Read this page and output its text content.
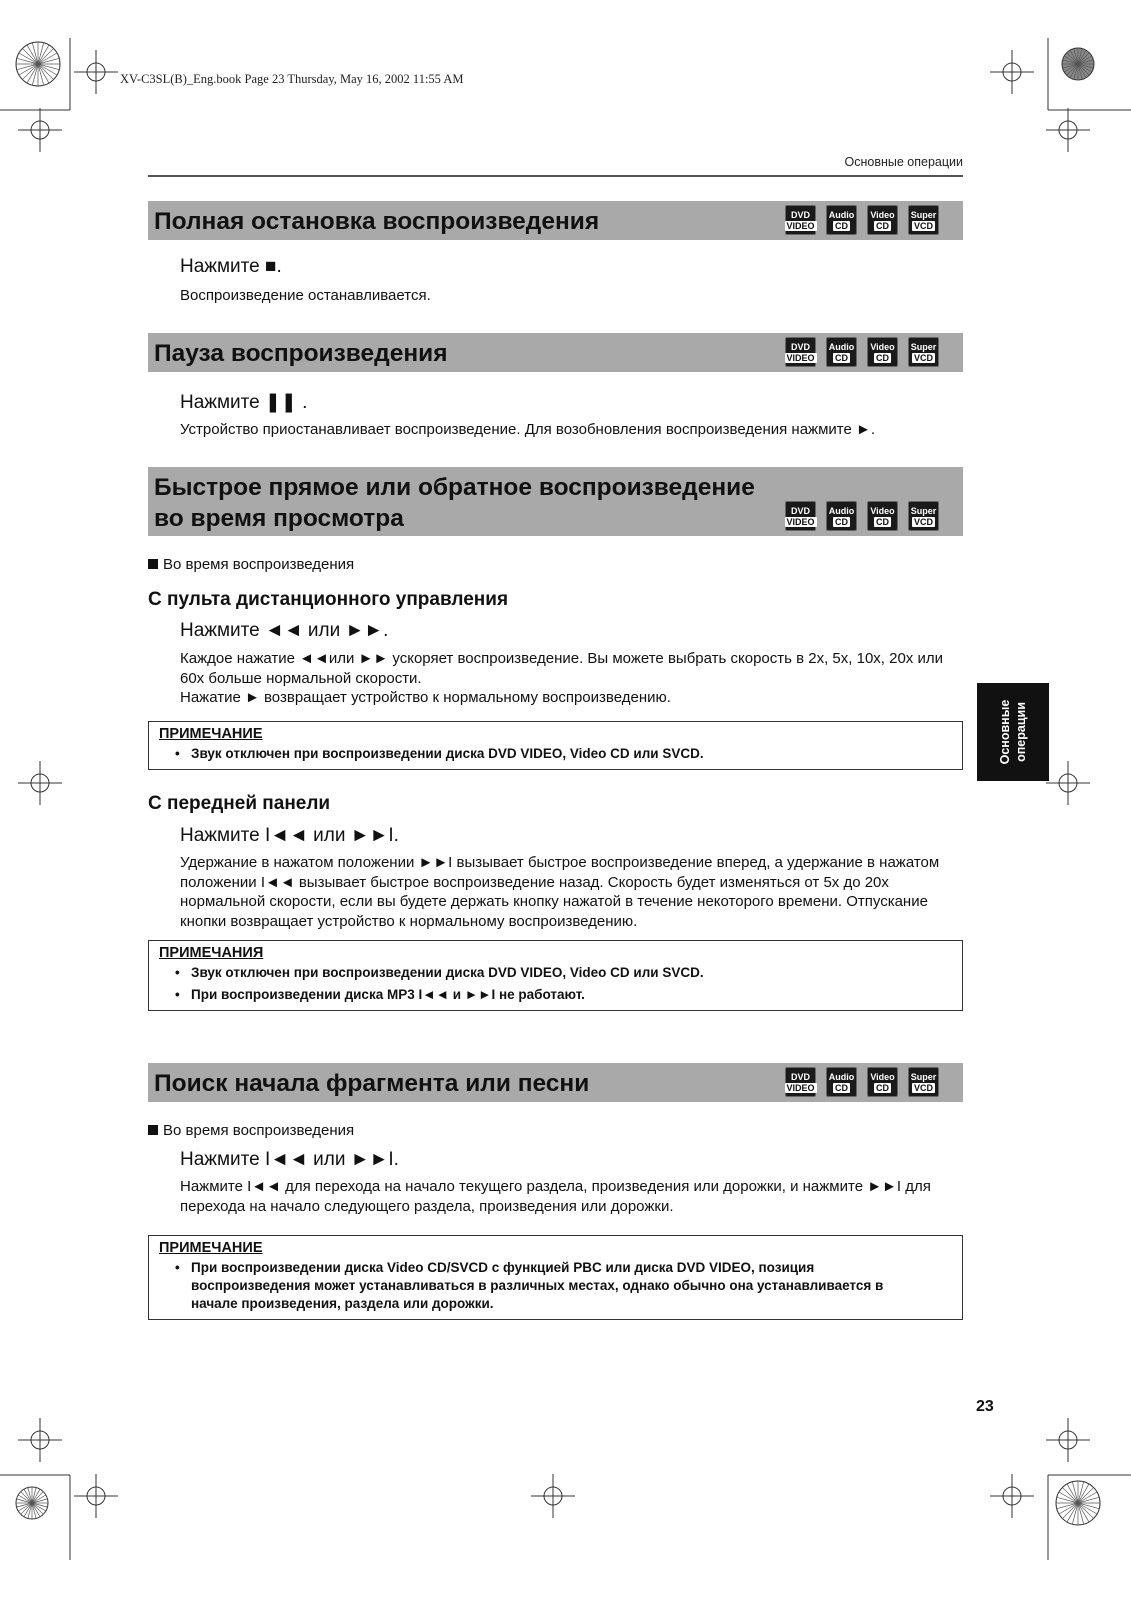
XV-C3SL(B)_Eng.book Page 23 Thursday, May 16, 2002 11:55 AM
Основные операции
Полная остановка воспроизведения	DVD
VIDEO
Audio
CD
Video
CD
Super
VCD
Нажмите ■.
Воспроизведение останавливается.
Пауза воспроизведения	DVD
VIDEO
Audio
CD
Video
CD
Super
VCD
Нажмите ❚❚ .
Устройство приостанавливает воспроизведение. Для возобновления воспроизведения нажмите ►.
Быстрое прямое или обратное воспроизведение во время просмотра	DVD
VIDEO
Audio
CD
Video
CD
Super
VCD
Во время воспроизведения
С пульта дистанционного управления
Нажмите ◄◄ или ►►.
Каждое нажатие ◄◄или ►► ускоряет воспроизведение. Вы можете выбрать скорость в 2x, 5x, 10x, 20x или 60x больше нормальной скорости.
Нажатие ► возвращает устройство к нормальному воспроизведению.
ПРИМЕЧАНИЕ
• Звук отключен при воспроизведении диска DVD VIDEO, Video CD или SVCD.
С передней панели
Нажмите I◄◄ или ►►I.
Удержание в нажатом положении ►►I вызывает быстрое воспроизведение вперед, а удержание в нажатом положении I◄◄ вызывает быстрое воспроизведение назад. Скорость будет изменяться от 5x до 20x нормальной скорости, если вы будете держать кнопку нажатой в течение некоторого времени. Отпускание кнопки возвращает устройство к нормальному воспроизведению.
ПРИМЕЧАНИЯ
• Звук отключен при воспроизведении диска DVD VIDEO, Video CD или SVCD.
• При воспроизведении диска MP3 I◄◄ и ►►I не работают.
Основные операции
Поиск начала фрагмента или песни	DVD
VIDEO
Audio
CD
Video
CD
Super
VCD
Во время воспроизведения
Нажмите I◄◄ или ►►I.
Нажмите I◄◄ для перехода на начало текущего раздела, произведения или дорожки, и нажмите ►►I для перехода на начало следующего раздела, произведения или дорожки.
ПРИМЕЧАНИЕ
• При воспроизведении диска Video CD/SVCD с функцией PBC или диска DVD VIDEO, позиция воспроизведения может устанавливаться в различных местах, однако обычно она устанавливается в начале произведения, раздела или дорожки.
23
